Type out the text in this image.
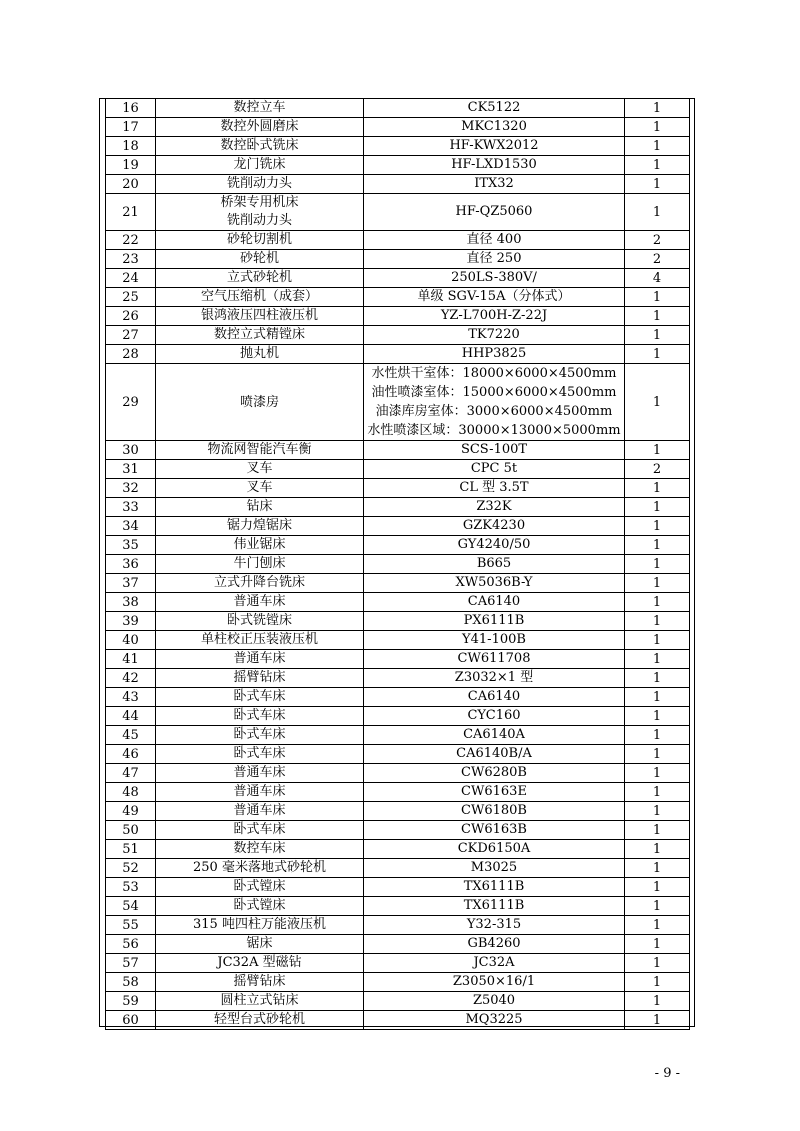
16	数控立车	CK5122	1
17	数控外圆磨床	MKC1320	1
18	数控卧式铣床	HF-KWX2012	1
19	龙门铣床	HF-LXD1530	1
20	铣削动力头	ITX32	1
21	桥架专用机床
铣削动力头	HF-QZ5060	1
22	砂轮切割机	直径 400	2
23	砂轮机	直径 250	2
24	立式砂轮机	250LS-380V/	4
25	空气压缩机（成套）	单级 SGV-15A（分体式）	1
26	银鸿液压四柱液压机	YZ-L700H-Z-22J	1
27	数控立式精镗床	TK7220	1
28	抛丸机	HHP3825	1
29	喷漆房	水性烘干室体：18000×6000×4500mm
油性喷漆室体：15000×6000×4500mm
油漆库房室体：3000×6000×4500mm
水性喷漆区域：30000×13000×5000mm	1
30	物流网智能汽车衡	SCS-100T	1
31	叉车	CPC 5t	2
32	叉车	CL 型 3.5T	1
33	钻床	Z32K	1
34	锯力煌锯床	GZK4230	1
35	伟业锯床	GY4240/50	1
36	牛门刨床	B665	1
37	立式升降台铣床	XW5036B-Y	1
38	普通车床	CA6140	1
39	卧式铣镗床	PX6111B	1
40	单柱校正压装液压机	Y41-100B	1
41	普通车床	CW611708	1
42	摇臂钻床	Z3032×1 型	1
43	卧式车床	CA6140	1
44	卧式车床	CYC160	1
45	卧式车床	CA6140A	1
46	卧式车床	CA6140B/A	1
47	普通车床	CW6280B	1
48	普通车床	CW6163E	1
49	普通车床	CW6180B	1
50	卧式车床	CW6163B	1
51	数控车床	CKD6150A	1
52	250 毫米落地式砂轮机	M3025	1
53	卧式镗床	TX6111B	1
54	卧式镗床	TX6111B	1
55	315 吨四柱万能液压机	Y32-315	1
56	锯床	GB4260	1
57	JC32A 型磁钻	JC32A	1
58	摇臂钻床	Z3050×16/1	1
59	圆柱立式钻床	Z5040	1
60	轻型台式砂轮机	MQ3225	1
- 9 -
